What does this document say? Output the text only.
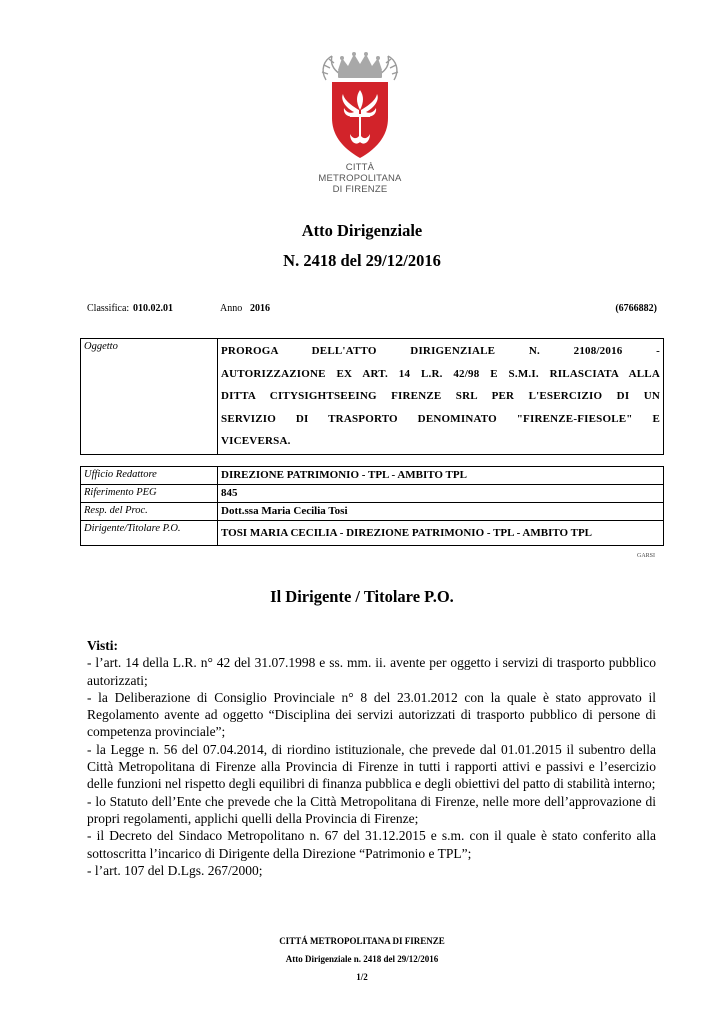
CITTÀ METROPOLITANA
DI FIRENZE
Atto Dirigenziale
N. 2418 del 29/12/2016
Classifica: 010.02.01	Anno 2016	(6766882)
Oggetto	PROROGA DELL'ATTO DIRIGENZIALE N. 2108/2016 -
AUTORIZZAZIONE EX ART. 14 L.R. 42/98 E S.M.I. RILASCIATA ALLA
DITTA CITYSIGHTSEEING FIRENZE SRL PER L'ESERCIZIO DI UN
SERVIZIO DI TRASPORTO DENOMINATO "FIRENZE-FIESOLE" E
VICEVERSA.
Ufficio Redattore	DIREZIONE PATRIMONIO - TPL - AMBITO TPL
Riferimento PEG	845
Resp. del Proc.	Dott.ssa Maria Cecilia Tosi
Dirigente/Titolare P.O.	TOSI MARIA CECILIA - DIREZIONE PATRIMONIO - TPL - AMBITO TPL
GARSI
Il Dirigente / Titolare P.O.

Visti:

- l’art. 14 della L.R. n° 42 del 31.07.1998 e ss. mm. ii. avente per oggetto i servizi di trasporto pubblico autorizzati;

- la Deliberazione di Consiglio Provinciale n° 8 del 23.01.2012 con la quale è stato approvato il Regolamento avente ad oggetto “Disciplina dei servizi autorizzati di trasporto pubblico di persone di competenza provinciale”;

- la Legge n. 56 del 07.04.2014, di riordino istituzionale, che prevede dal 01.01.2015 il subentro della Città Metropolitana di Firenze alla Provincia di Firenze in tutti i rapporti attivi e passivi e l’esercizio delle funzioni nel rispetto degli equilibri di finanza pubblica e degli obiettivi del patto di stabilità interno;

- lo Statuto dell’Ente che prevede che la Città Metropolitana di Firenze, nelle more dell’approvazione di propri regolamenti, applichi quelli della Provincia di Firenze;

- il Decreto del Sindaco Metropolitano n. 67 del 31.12.2015 e s.m. con il quale è stato conferito alla sottoscritta l’incarico di Dirigente della Direzione “Patrimonio e TPL”;

- l’art. 107 del D.Lgs. 267/2000;

CITTÁ METROPOLITANA DI FIRENZE
Atto Dirigenziale n. 2418 del 29/12/2016
1/2
